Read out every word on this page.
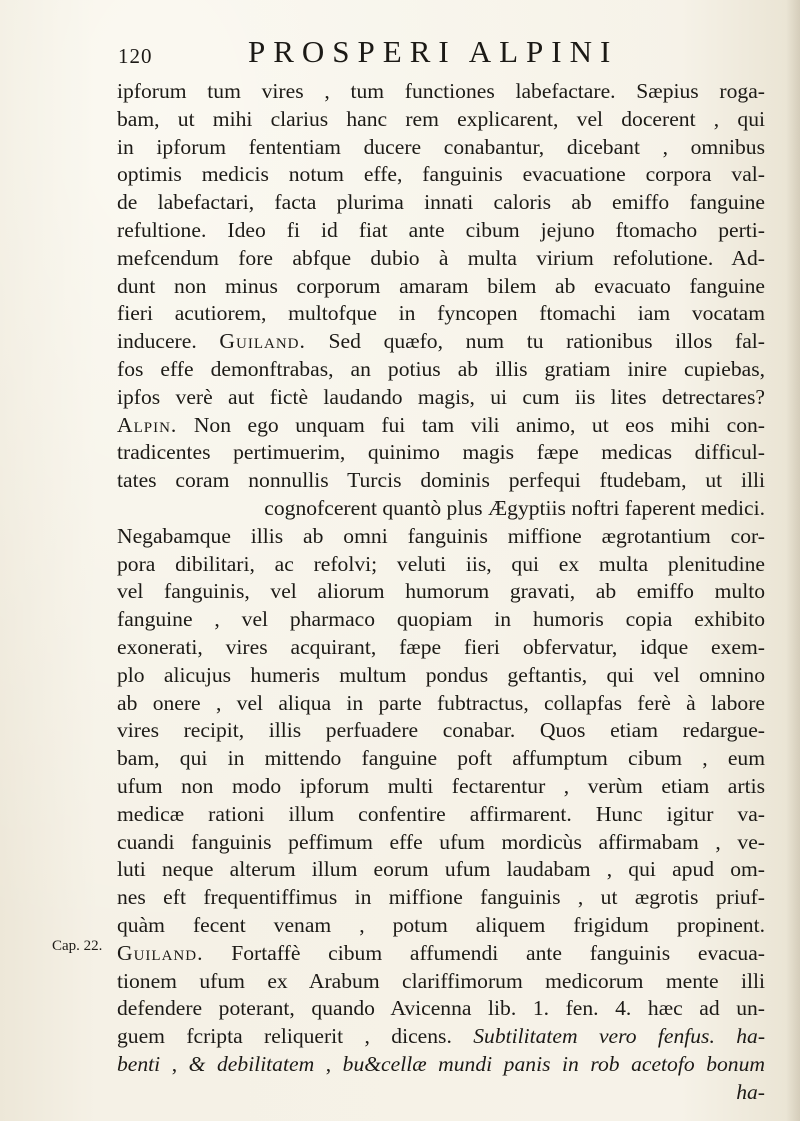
120	PROSPERI ALPINI
Cap. 22.
ipforum tum vires , tum functiones labefactare. Sæpius roga-
bam, ut mihi clarius hanc rem explicarent, vel docerent , qui
in ipforum fententiam ducere conabantur, dicebant , omnibus
optimis medicis notum effe, fanguinis evacuatione corpora val-
de labefactari, facta plurima innati caloris ab emiffo fanguine
refultione. Ideo fi id fiat ante cibum jejuno ftomacho perti-
mefcendum fore abfque dubio à multa virium refolutione. Ad-
dunt non minus corporum amaram bilem ab evacuato fanguine
fieri acutiorem, multofque in fyncopen ftomachi iam vocatam
inducere. Guiland. Sed quæfo, num tu rationibus illos fal-
fos effe demonftrabas, an potius ab illis gratiam inire cupiebas,
ipfos verè aut fictè laudando magis, ui cum iis lites detrectares?
Alpin. Non ego unquam fui tam vili animo, ut eos mihi con-
tradicentes pertimuerim, quinimo magis fæpe medicas difficul-
tates coram nonnullis Turcis dominis perfequi ftudebam, ut illi
cognofcerent quantò plus Ægyptiis noftri faperent medici.
Negabamque illis ab omni fanguinis miffione ægrotantium cor-
pora dibilitari, ac refolvi; veluti iis, qui ex multa plenitudine
vel fanguinis, vel aliorum humorum gravati, ab emiffo multo
fanguine , vel pharmaco quopiam in humoris copia exhibito
exonerati, vires acquirant, fæpe fieri obfervatur, idque exem-
plo alicujus humeris multum pondus geftantis, qui vel omnino
ab onere , vel aliqua in parte fubtractus, collapfas ferè à labore
vires recipit, illis perfuadere conabar. Quos etiam redargue-
bam, qui in mittendo fanguine poft affumptum cibum , eum
ufum non modo ipforum multi fectarentur , verùm etiam artis
medicæ rationi illum confentire affirmarent. Hunc igitur va-
cuandi fanguinis peffimum effe ufum mordicùs affirmabam , ve-
luti neque alterum illum eorum ufum laudabam , qui apud om-
nes eft frequentiffimus in miffione fanguinis , ut ægrotis priuf-
quàm fecent venam , potum aliquem frigidum propinent.
Guiland. Fortaffè cibum affumendi ante fanguinis evacua-
tionem ufum ex Arabum clariffimorum medicorum mente illi
defendere poterant, quando Avicenna lib. 1. fen. 4. hæc ad un-
guem fcripta reliquerit , dicens. Subtilitatem vero fenfus. ha-
benti , & debilitatem , bu&cellæ mundi panis in rob acetofo bonum
ha-
